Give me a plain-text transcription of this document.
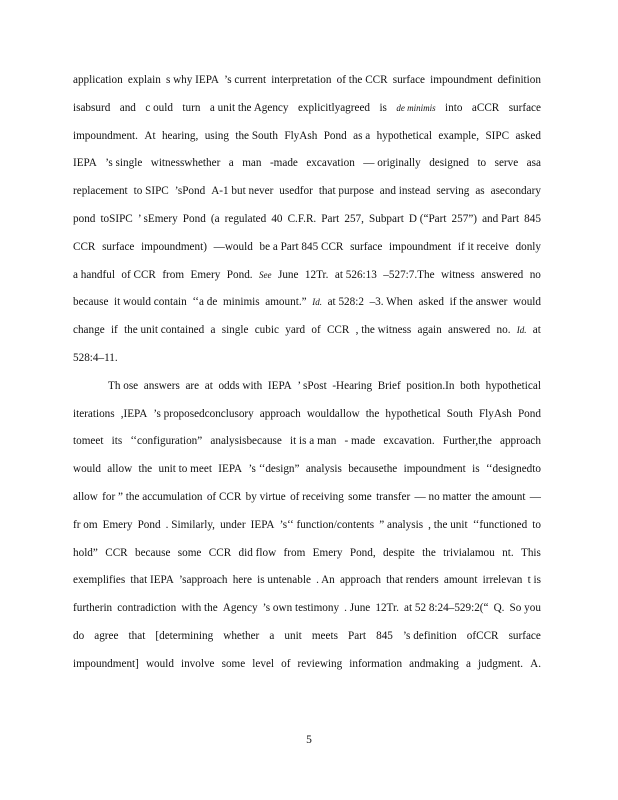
application explain s why IEPA ’s current interpretation of the CCR surface impoundment definition
isabsurd and c ould turn a unit the Agency explicitlyagreed is de minimis into aCCR surface
impoundment. At hearing, using the South FlyAsh Pond as a hypothetical example, SIPC asked
IEPA ’s single witnesswhether a man -made excavation — originally designed to serve asa
replacement to SIPC ’sPond A-1 but never usedfor that purpose and instead serving as asecondary
pond toSIPC ’ sEmery Pond (a regulated 40 C.F.R. Part 257, Subpart D (“Part 257”) and Part 845
CCR surface impoundment) —would be a Part 845 CCR surface impoundment if it receive donly
a handful of CCR from Emery Pond. See June 12Tr. at 526:13 –527:7.The witness answered no
because it would contain ‘‘a de minimis amount.” Id. at 528:2 –3. When asked if the answer would
change if the unit contained a single cubic yard of CCR , the witness again answered no. Id. at
528:4–11.
Th ose answers are at odds with IEPA ’ sPost -Hearing Brief position.In both hypothetical
iterations ,IEPA ’s proposedconclusory approach wouldallow the hypothetical South FlyAsh Pond
tomeet its ‘‘configuration” analysisbecause it is a man - made excavation. Further,the approach
would allow the unit to meet IEPA ’s ‘‘design” analysis becausethe impoundment is ‘‘designedto
allow for ” the accumulation of CCR by virtue of receiving some transfer — no matter the amount —
fr om Emery Pond . Similarly, under IEPA ’s‘‘ function/contents ” analysis , the unit ‘‘functioned to
hold” CCR because some CCR did flow from Emery Pond, despite the trivialamou nt. This
exemplifies that IEPA ’sapproach here is untenable . An approach that renders amount irrelevan t is
furtherin contradiction with the Agency ’s own testimony . June 12Tr. at 52 8:24–529:2(“ Q. So you
do agree that [determining whether a unit meets Part 845 ’s definition ofCCR surface
impoundment] would involve some level of reviewing information andmaking a judgment. A.
5
